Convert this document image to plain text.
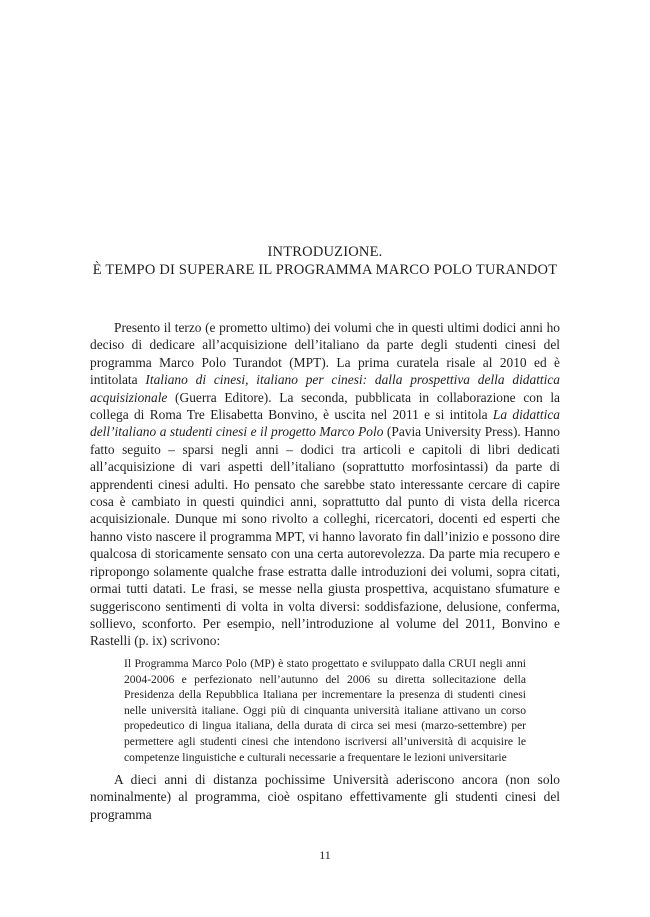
INTRODUZIONE.
È TEMPO DI SUPERARE IL PROGRAMMA MARCO POLO TURANDOT

Presento il terzo (e prometto ultimo) dei volumi che in questi ultimi dodici anni ho deciso di dedicare all’acquisizione dell’italiano da parte degli studenti cinesi del programma Marco Polo Turandot (MPT). La prima curatela risale al 2010 ed è intitolata Italiano di cinesi, italiano per cinesi: dalla prospettiva della didattica acquisizionale (Guerra Editore). La seconda, pubblicata in collaborazione con la collega di Roma Tre Elisabetta Bonvino, è uscita nel 2011 e si intitola La didattica dell’italiano a studenti cinesi e il progetto Marco Polo (Pavia University Press). Hanno fatto seguito – sparsi negli anni – dodici tra articoli e capitoli di libri dedicati all’acquisizione di vari aspetti dell’italiano (soprattutto morfosintassi) da parte di apprendenti cinesi adulti. Ho pensato che sarebbe stato interessante cercare di capire cosa è cambiato in questi quindici anni, soprattutto dal punto di vista della ricerca acquisizionale. Dunque mi sono rivolto a colleghi, ricercatori, docenti ed esperti che hanno visto nascere il programma MPT, vi hanno lavorato fin dall’inizio e possono dire qualcosa di storicamente sensato con una certa autorevolezza. Da parte mia recupero e ripropongo solamente qualche frase estratta dalle introduzioni dei volumi, sopra citati, ormai tutti datati. Le frasi, se messe nella giusta prospettiva, acquistano sfumature e suggeriscono sentimenti di volta in volta diversi: soddisfazione, delusione, conferma, sollievo, sconforto. Per esempio, nell’introduzione al volume del 2011, Bonvino e Rastelli (p. ix) scrivono:

Il Programma Marco Polo (MP) è stato progettato e sviluppato dalla CRUI negli anni 2004-2006 e perfezionato nell’autunno del 2006 su diretta sollecitazione della Presidenza della Repubblica Italiana per incrementare la presenza di studenti cinesi nelle università italiane. Oggi più di cinquanta università italiane attivano un corso propedeutico di lingua italiana, della durata di circa sei mesi (marzo-settembre) per permettere agli studenti cinesi che intendono iscriversi all’università di acquisire le competenze linguistiche e culturali necessarie a frequentare le lezioni universitarie

A dieci anni di distanza pochissime Università aderiscono ancora (non solo nominalmente) al programma, cioè ospitano effettivamente gli studenti cinesi del programma

11
